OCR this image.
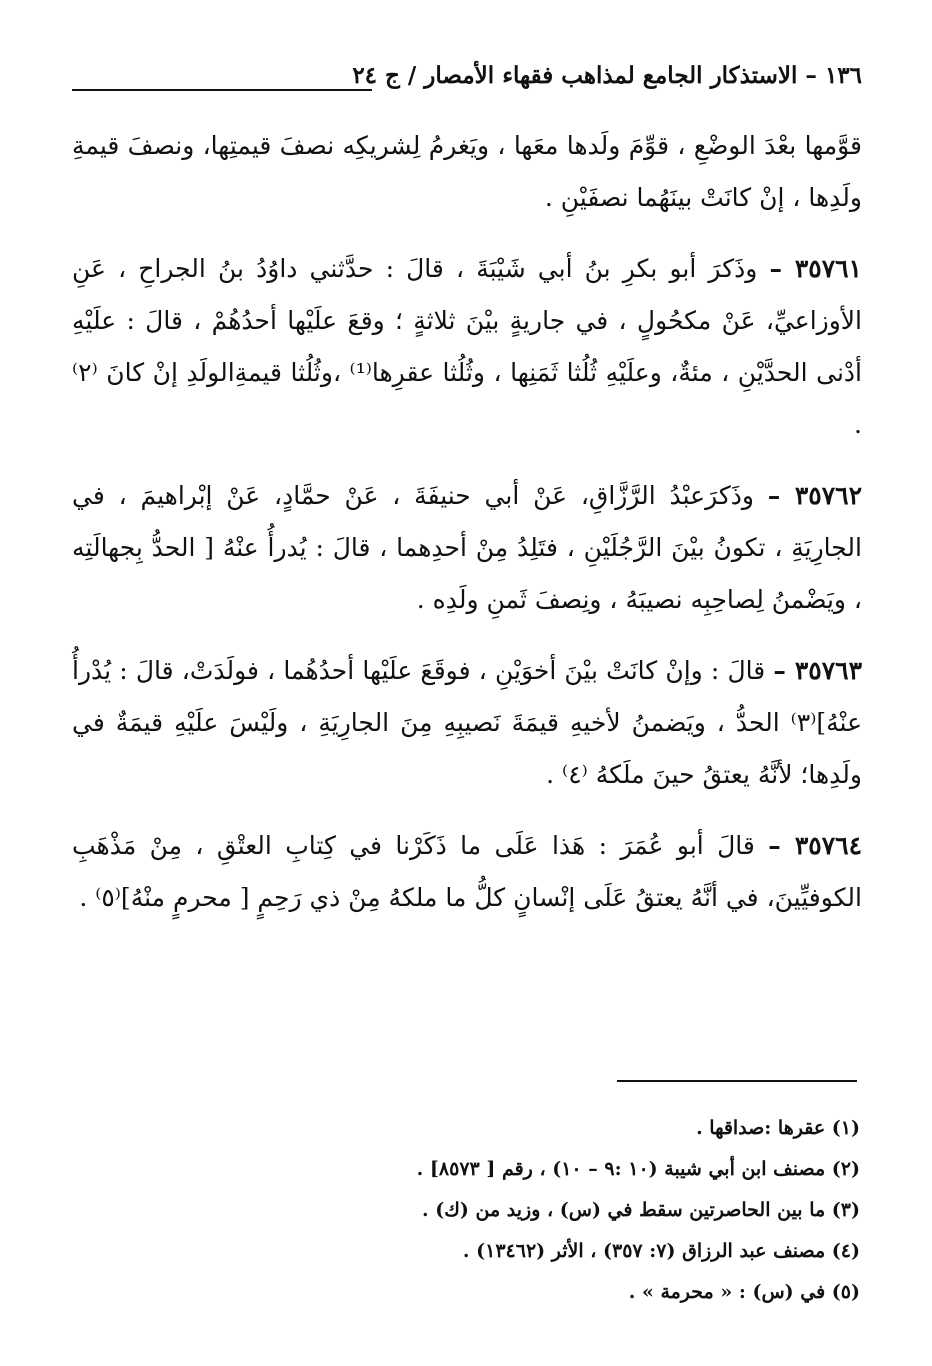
١٣٦ – الاستذكار الجامع لمذاهب فقهاء الأمصار / ج ٢٤

قوَّمها بعْدَ الوضْعِ ، قوِّمَ ولَدها معَها ، ويَغرمُ لِشريكِه نصفَ قيمتِها، ونصفَ قيمةِ ولَدِها ، إنْ كانَتْ بينَهُما نصفَيْنِ .

٣٥٧٦١ – وذَكرَ أبو بكرِ بنُ أبي شَيْبَةَ ، قالَ : حدَّثني داوُدُ بنُ الجراحِ ، عَنِ الأوزاعيِّ، عَنْ مكحُولٍ ، في جاريةٍ بيْنَ ثلاثةٍ ؛ وقعَ علَيْها أحدُهُمْ ، قالَ : علَيْهِ أدْنى الحدَّيْنِ ، مئةٌ، وعلَيْهِ ثُلُثا ثَمَنِها ، وثُلُثا عقرِها⁽¹⁾ ،وثُلُثا قيمةِالولَدِ إنْ كانَ ⁽٢⁾ .

٣٥٧٦٢ – وذَكرَعبْدُ الرَّزَّاقِ، عَنْ أبي حنيفَةَ ، عَنْ حمَّادٍ، عَنْ إبْراهيمَ ، في الجارِيَةِ ، تكونُ بيْنَ الرَّجُلَيْنِ ، فتَلِدُ مِنْ أحدِهما ، قالَ : يُدرأُ عنْهُ [ الحدُّ بِجهالَتِه ، ويَضْمنُ لِصاحِبِه نصيبَهُ ، ونِصفَ ثَمنِ ولَدِه .

٣٥٧٦٣ – قالَ : وإنْ كانَتْ بيْنَ أخوَيْنِ ، فوقَعَ علَيْها أحدُهُما ، فولَدَتْ، قالَ : يُدْرأُ عنْهُ]⁽٣⁾ الحدُّ ، ويَضمنُ لأخيهِ قيمَةَ نَصيبِهِ مِنَ الجارِيَةِ ، ولَيْسَ علَيْهِ قيمَةٌ في ولَدِها؛ لأنَّهُ يعتقُ حينَ ملَكهُ ⁽٤⁾ .

٣٥٧٦٤ – قالَ أبو عُمَرَ : هَذا عَلَى ما ذَكَرْنا في كِتابِ العتْقِ ، مِنْ مَذْهَبِ الكوفيِّينَ، في أنَّهُ يعتقُ عَلَى إنْسانٍ كلُّ ما ملكهُ مِنْ ذي رَحِمٍ [ محرمٍ منْهُ]⁽٥⁾ .

(١) عقرها :صداقها .
(٢) مصنف ابن أبي شيبة (١٠ :٩ – ١٠) ، رقم [ ٨٥٧٣] .
(٣) ما بين الحاصرتين سقط في (س) ، وزيد من (ك) .
(٤) مصنف عبد الرزاق (٧: ٣٥٧) ، الأثر (١٣٤٦٢) .
(٥) في (س) : « محرمة » .
